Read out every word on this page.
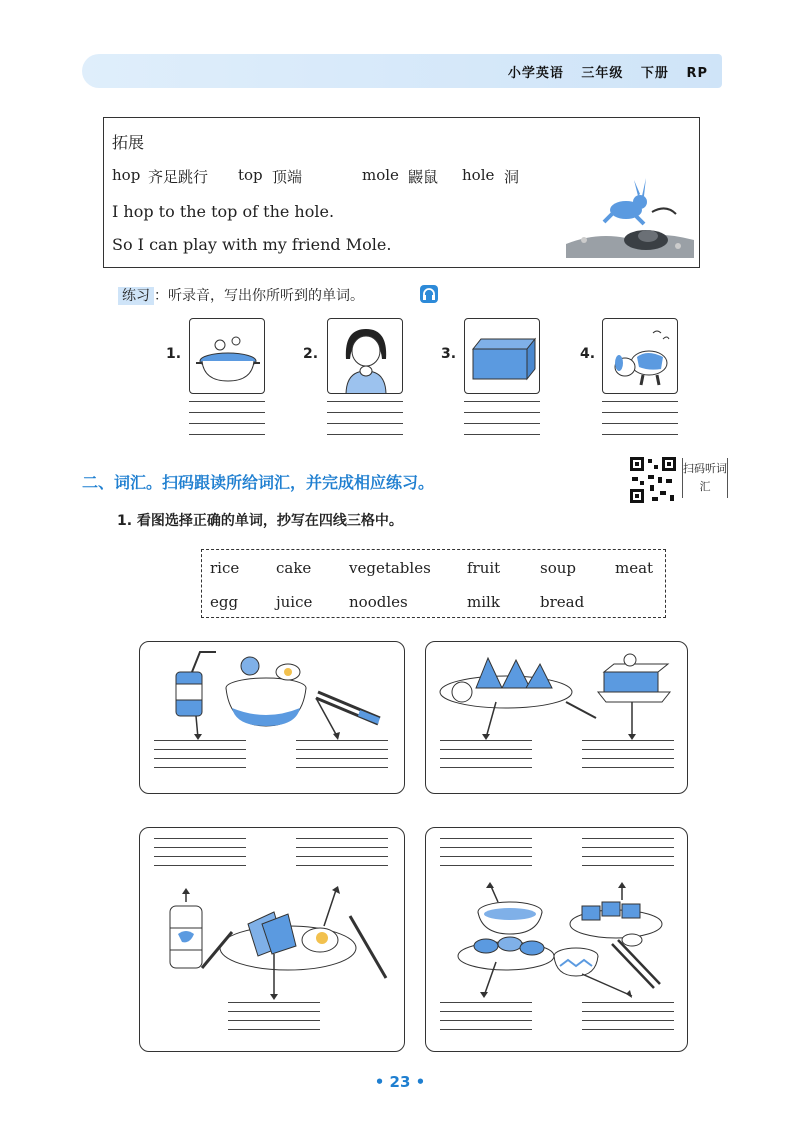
小学英语 三年级 下册 RP
拓展
hop 齐足跳行 top 顶端	mole 鼹鼠 hole 洞
I hop to the top of the hole.
So I can play with my friend Mole.
练习 ：听录音，写出你所听到的单词。
1.	2.	3.	4.
二、词汇。扫码跟读所给词汇，并完成相应练习。
扫码听词汇
1. 看图选择正确的单词，抄写在四线三格中。
rice cake	vegetables fruit	soup	meat
egg	juice noodles	milk	bread
• 23 •
